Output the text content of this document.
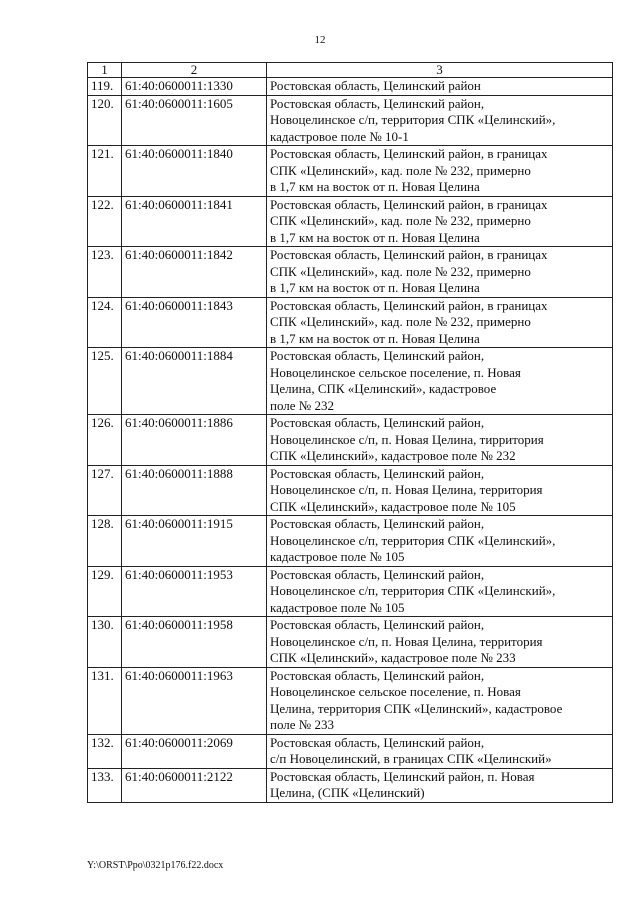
12
1	2	3
119.	61:40:0600011:1330	Ростовская область, Целинский район
120.	61:40:0600011:1605	Ростовская область, Целинский район,
Новоцелинское с/п, территория СПК «Целинский»,
кадастровое поле № 10-1
121.	61:40:0600011:1840	Ростовская область, Целинский район, в границах
СПК «Целинский», кад. поле № 232, примерно
в 1,7 км на восток от п. Новая Целина
122.	61:40:0600011:1841	Ростовская область, Целинский район, в границах
СПК «Целинский», кад. поле № 232, примерно
в 1,7 км на восток от п. Новая Целина
123.	61:40:0600011:1842	Ростовская область, Целинский район, в границах
СПК «Целинский», кад. поле № 232, примерно
в 1,7 км на восток от п. Новая Целина
124.	61:40:0600011:1843	Ростовская область, Целинский район, в границах
СПК «Целинский», кад. поле № 232, примерно
в 1,7 км на восток от п. Новая Целина
125.	61:40:0600011:1884	Ростовская область, Целинский район,
Новоцелинское сельское поселение, п. Новая
Целина, СПК «Целинский», кадастровое
поле № 232
126.	61:40:0600011:1886	Ростовская область, Целинский район,
Новоцелинское с/п, п. Новая Целина, тирритория
СПК «Целинский», кадастровое поле № 232
127.	61:40:0600011:1888	Ростовская область, Целинский район,
Новоцелинское с/п, п. Новая Целина, территория
СПК «Целинский», кадастровое поле № 105
128.	61:40:0600011:1915	Ростовская область, Целинский район,
Новоцелинское с/п, территория СПК «Целинский»,
кадастровое поле № 105
129.	61:40:0600011:1953	Ростовская область, Целинский район,
Новоцелинское с/п, территория СПК «Целинский»,
кадастровое поле № 105
130.	61:40:0600011:1958	Ростовская область, Целинский район,
Новоцелинское с/п, п. Новая Целина, территория
СПК «Целинский», кадастровое поле № 233
131.	61:40:0600011:1963	Ростовская область, Целинский район,
Новоцелинское сельское поселение, п. Новая
Целина, территория СПК «Целинский», кадастровое
поле № 233
132.	61:40:0600011:2069	Ростовская область, Целинский район,
с/п Новоцелинский, в границах СПК «Целинский»
133.	61:40:0600011:2122	Ростовская область, Целинский район, п. Новая
Целина, (СПК «Целинский)
Y:\ORST\Ppo\0321p176.f22.docx
